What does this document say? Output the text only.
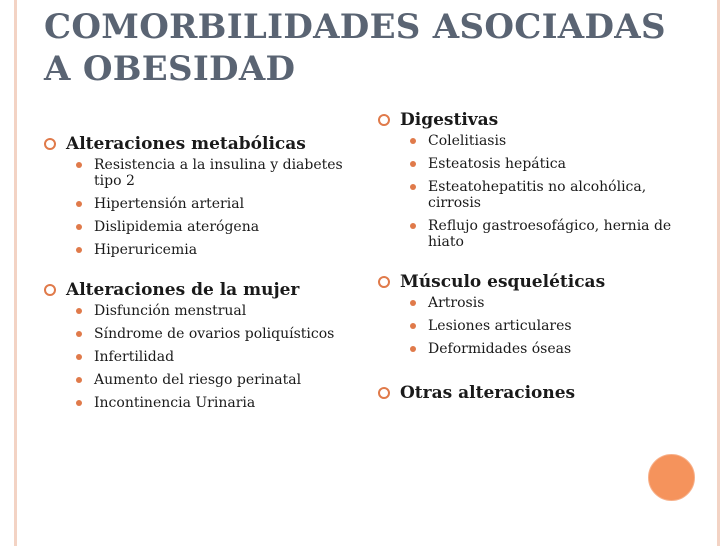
COMORBILIDADES ASOCIADAS A OBESIDAD
Alteraciones metabólicas
Resistencia a la insulina y diabetes tipo 2
Hipertensión arterial
Dislipidemia aterógena
Hiperuricemia
Alteraciones de la mujer
Disfunción menstrual
Síndrome de ovarios poliquísticos
Infertilidad
Aumento del riesgo perinatal
Incontinencia Urinaria
Digestivas
Colelitiasis
Esteatosis hepática
Esteatohepatitis no alcohólica, cirrosis
Reflujo gastroesofágico, hernia de hiato
Músculo esqueléticas
Artrosis
Lesiones articulares
Deformidades óseas
Otras alteraciones
